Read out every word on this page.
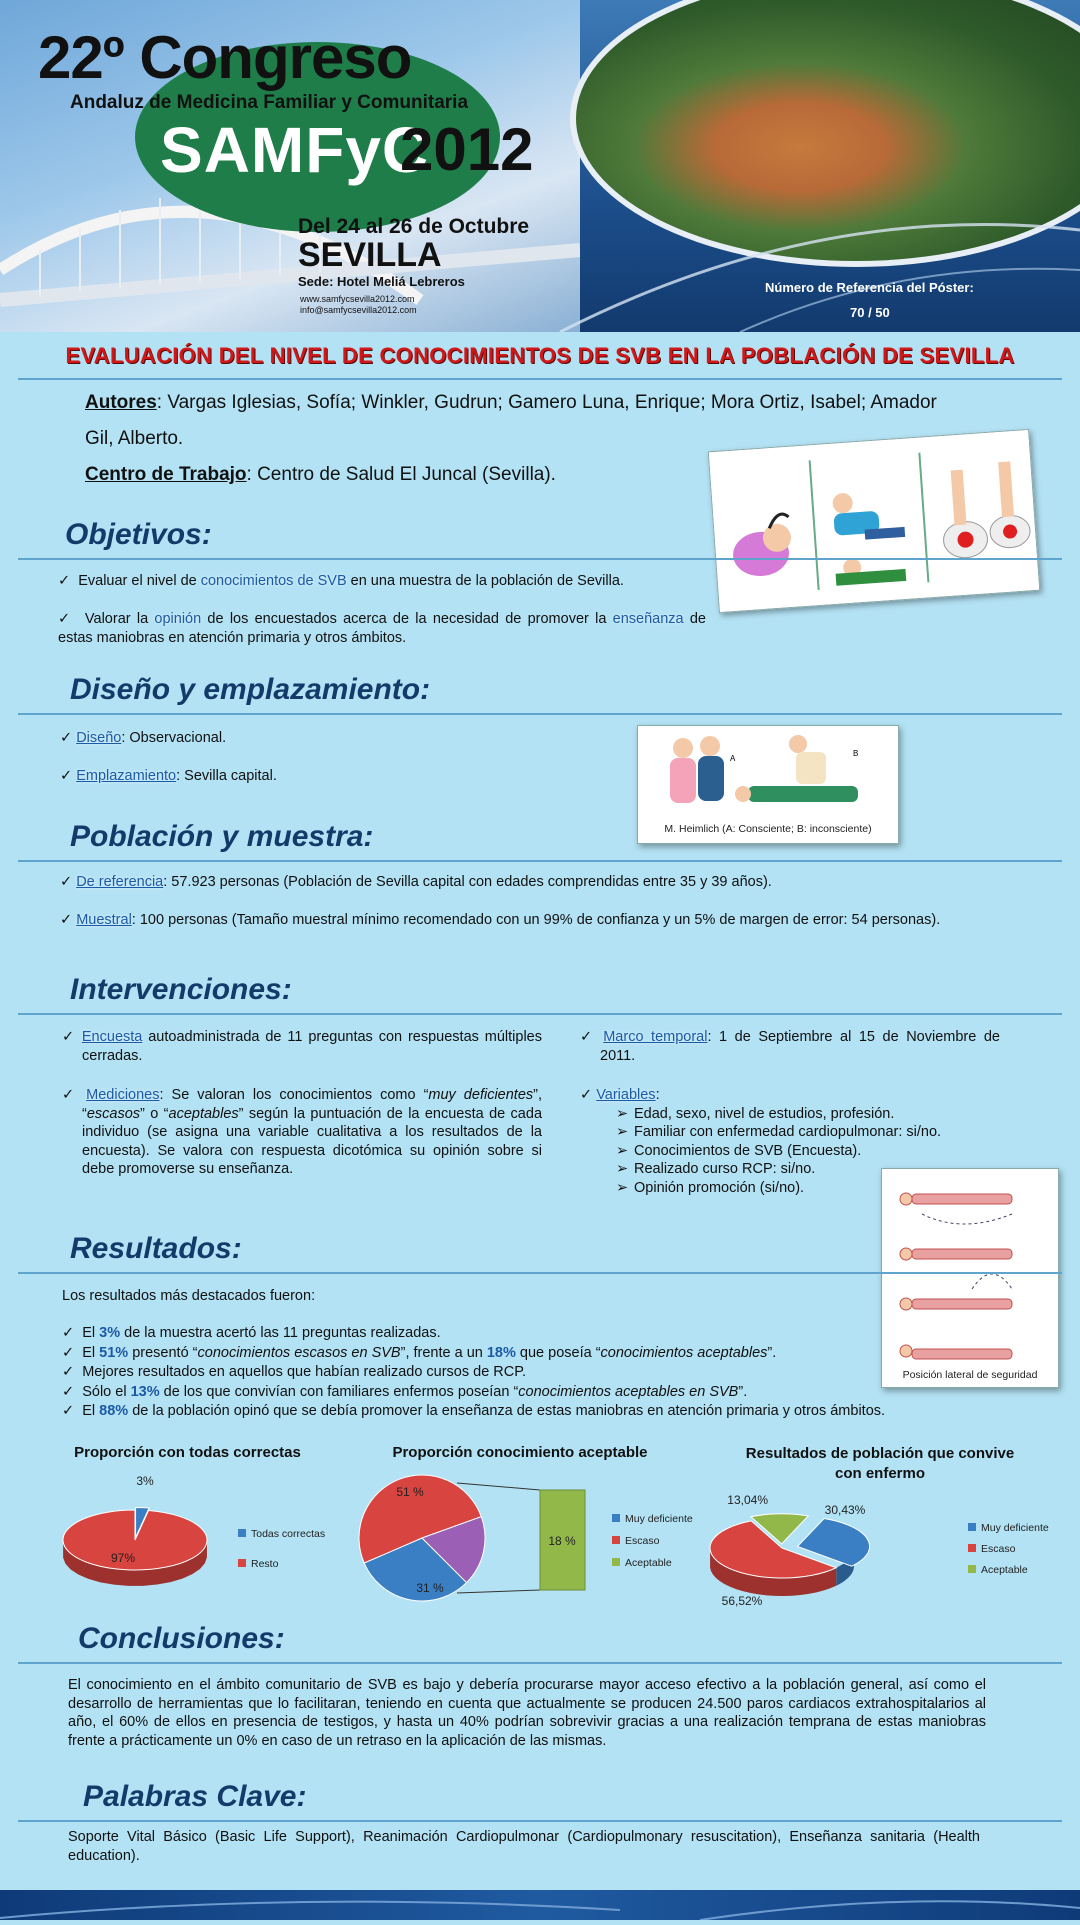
22º Congreso
Andaluz de Medicina Familiar y Comunitaria
SAMFyC
2012
Del 24 al 26 de Octubre
SEVILLA
Sede: Hotel Meliá Lebreros
www.samfycsevilla2012.com
info@samfycsevilla2012.com
Número de Referencia del Póster:
70 / 50
EVALUACIÓN DEL NIVEL DE CONOCIMIENTOS DE SVB EN LA POBLACIÓN DE SEVILLA
Autores: Vargas Iglesias, Sofía; Winkler, Gudrun; Gamero Luna, Enrique; Mora Ortiz, Isabel; Amador
Gil, Alberto.
Centro de Trabajo: Centro de Salud El Juncal (Sevilla).
Objetivos:
✓  Evaluar el nivel de conocimientos de SVB en una muestra de la población de Sevilla.
✓  Valorar la opinión de los encuestados acerca de la necesidad de promover la enseñanza de estas maniobras en atención primaria y otros ámbitos.
Diseño y emplazamiento:
✓ Diseño: Observacional.
✓ Emplazamiento: Sevilla capital.
A
B
M. Heimlich (A: Consciente; B: inconsciente)
Población y muestra:
✓ De referencia: 57.923 personas (Población de Sevilla capital con edades comprendidas entre 35 y 39 años).
✓ Muestral: 100 personas (Tamaño muestral mínimo recomendado con un 99% de confianza y un 5% de margen de error: 54 personas).
Intervenciones:
✓ Encuesta autoadministrada de 11 preguntas con respuestas múltiples cerradas.
✓ Mediciones: Se valoran los conocimientos como “muy deficientes”, “escasos” o “aceptables” según la puntuación de la encuesta de cada individuo (se asigna una variable cualitativa a los resultados de la encuesta). Se valora con respuesta dicotómica su opinión sobre si debe promoverse su enseñanza.
✓ Marco temporal: 1 de Septiembre al 15 de Noviembre de 2011.
✓ Variables:
➢ Edad, sexo, nivel de estudios, profesión.
➢ Familiar con enfermedad cardiopulmonar: si/no.
➢ Conocimientos de SVB (Encuesta).
➢ Realizado curso RCP: si/no.
➢ Opinión promoción (si/no).
Posición lateral de seguridad
Resultados:
Los resultados más destacados fueron:
✓  El 3% de la muestra acertó las 11 preguntas realizadas.
✓  El 51% presentó “conocimientos escasos en SVB”, frente a un 18% que poseía “conocimientos aceptables”.
✓  Mejores resultados en aquellos que habían realizado cursos de RCP.
✓  Sólo el 13% de los que convivían con familiares enfermos poseían “conocimientos aceptables en SVB”.
✓  El 88% de la población opinó que se debía promover la enseñanza de estas maniobras en atención primaria y otros ámbitos.
Proporción con todas correctas
3%
97%
Todas correctas
Resto
Proporción conocimiento aceptable
18 %
51 %
31 %
Muy deficiente
Escaso
Aceptable
Resultados de población que convive con enfermo
30,43%
56,52%
13,04%
Muy deficiente
Escaso
Aceptable
Conclusiones:
El conocimiento en el ámbito comunitario de SVB es bajo y debería procurarse mayor acceso efectivo a la población general, así como el desarrollo de herramientas que lo facilitaran, teniendo en cuenta que actualmente se producen 24.500 paros cardiacos extrahospitalarios al año, el 60% de ellos en presencia de testigos, y hasta un 40% podrían sobrevivir gracias a una realización temprana de estas maniobras frente a prácticamente un 0% en caso de un retraso en la aplicación de las mismas.
Palabras Clave:
Soporte Vital Básico (Basic Life Support), Reanimación Cardiopulmonar (Cardiopulmonary resuscitation), Enseñanza sanitaria (Health education).
